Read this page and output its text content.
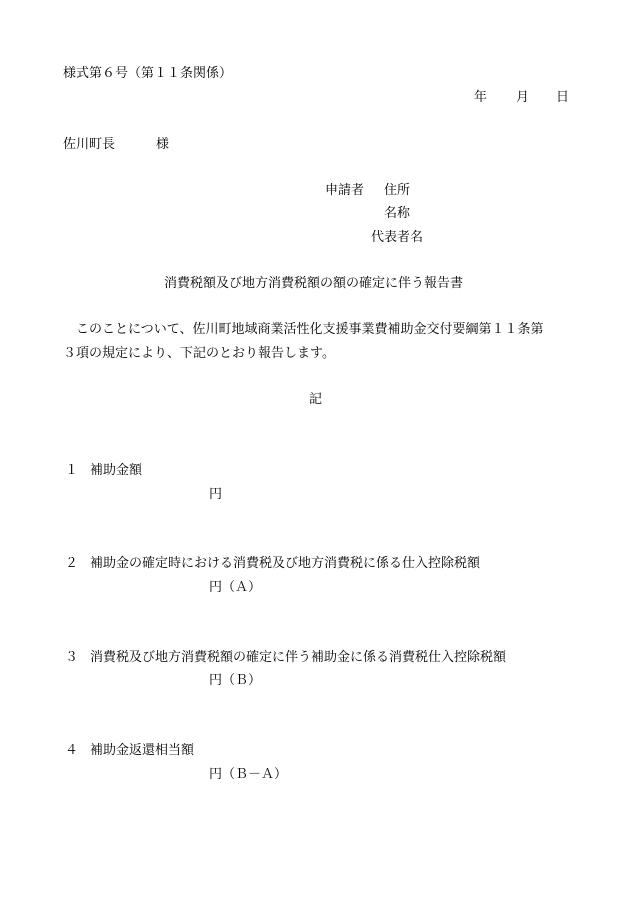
様式第６号（第１１条関係）
年 月 日
佐川町長	様
申請者 住所
名称
代表者名
消費税額及び地方消費税額の額の確定に伴う報告書
このことについて、佐川町地域商業活性化支援事業費補助金交付要綱第１１条第
３項の規定により、下記のとおり報告します。
記
１ 補助金額
円
２ 補助金の確定時における消費税及び地方消費税に係る仕入控除税額
円（Ａ）
３ 消費税及び地方消費税額の確定に伴う補助金に係る消費税仕入控除税額
円（Ｂ）
４ 補助金返還相当額
円（Ｂ－Ａ）
